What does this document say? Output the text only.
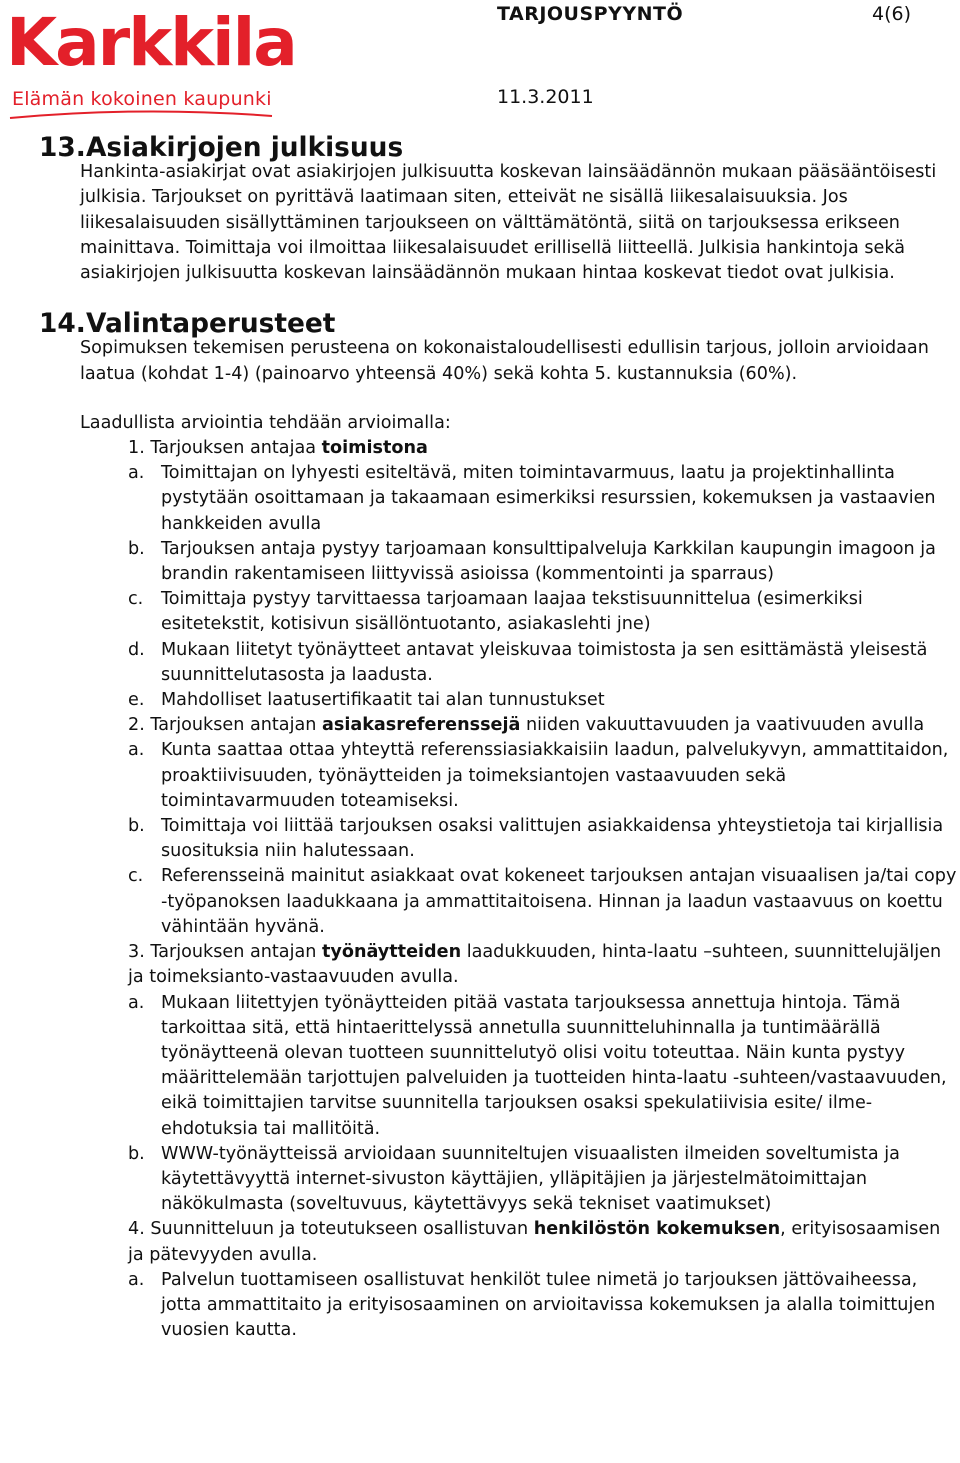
Karkkila
Elämän kokoinen kaupunki
TARJOUSPYYNTÖ	4(6)
11.3.2011
13.Asiakirjojen julkisuus

Hankinta-asiakirjat ovat asiakirjojen julkisuutta koskevan lainsäädännön mukaan pääsääntöisesti julkisia. Tarjoukset on pyrittävä laatimaan siten, etteivät ne sisällä liikesalaisuuksia. Jos liikesalaisuuden sisällyttäminen tarjoukseen on välttämätöntä, siitä on tarjouksessa erikseen mainittava. Toimittaja voi ilmoittaa liikesalaisuudet erillisellä liitteellä. Julkisia hankintoja sekä asiakirjojen julkisuutta koskevan lainsäädännön mukaan hintaa koskevat tiedot ovat julkisia.

14.Valintaperusteet

Sopimuksen tekemisen perusteena on kokonaistaloudellisesti edullisin tarjous, jolloin arvioidaan laatua (kohdat 1-4) (painoarvo yhteensä 40%) sekä kohta 5. kustannuksia (60%).

Laadullista arviointia tehdään arvioimalla:

1. Tarjouksen antajaa toimistona

a. Toimittajan on lyhyesti esiteltävä, miten toimintavarmuus, laatu ja projektinhallinta pystytään osoittamaan ja takaamaan esimerkiksi resurssien, kokemuksen ja vastaavien hankkeiden avulla
b. Tarjouksen antaja pystyy tarjoamaan konsulttipalveluja Karkkilan kaupungin imagoon ja brandin rakentamiseen liittyvissä asioissa (kommentointi ja sparraus)
c. Toimittaja pystyy tarvittaessa tarjoamaan laajaa tekstisuunnittelua (esimerkiksi esitetekstit, kotisivun sisällöntuotanto, asiakaslehti jne)
d. Mukaan liitetyt työnäytteet antavat yleiskuvaa toimistosta ja sen esittämästä yleisestä suunnittelutasosta ja laadusta.
e. Mahdolliset laatusertifikaatit tai alan tunnustukset

2. Tarjouksen antajan asiakasreferenssejä niiden vakuuttavuuden ja vaativuuden avulla

a. Kunta saattaa ottaa yhteyttä referenssiasiakkaisiin laadun, palvelukyvyn, ammattitaidon, proaktiivisuuden, työnäytteiden ja toimeksiantojen vastaavuuden sekä toimintavarmuuden toteamiseksi.
b. Toimittaja voi liittää tarjouksen osaksi valittujen asiakkaidensa yhteystietoja tai kirjallisia suosituksia niin halutessaan.
c. Referensseinä mainitut asiakkaat ovat kokeneet tarjouksen antajan visuaalisen ja/tai copy -työpanoksen laadukkaana ja ammattitaitoisena. Hinnan ja laadun vastaavuus on koettu vähintään hyvänä.

3. Tarjouksen antajan työnäytteiden laadukkuuden, hinta-laatu –suhteen, suunnittelujäljen ja toimeksianto-vastaavuuden avulla.

a. Mukaan liitettyjen työnäytteiden pitää vastata tarjouksessa annettuja hintoja. Tämä tarkoittaa sitä, että hintaerittelyssä annetulla suunnitteluhinnalla ja tuntimäärällä työnäytteenä olevan tuotteen suunnittelutyö olisi voitu toteuttaa. Näin kunta pystyy määrittelemään tarjottujen palveluiden ja tuotteiden hinta-laatu -suhteen/vastaavuuden, eikä toimittajien tarvitse suunnitella tarjouksen osaksi spekulatiivisia esite/ ilme-ehdotuksia tai mallitöitä.
b. WWW-työnäytteissä arvioidaan suunniteltujen visuaalisten ilmeiden soveltumista ja käytettävyyttä internet-sivuston käyttäjien, ylläpitäjien ja järjestelmätoimittajan näkökulmasta (soveltuvuus, käytettävyys sekä tekniset vaatimukset)

4. Suunnitteluun ja toteutukseen osallistuvan henkilöstön kokemuksen, erityisosaamisen ja pätevyyden avulla.

a. Palvelun tuottamiseen osallistuvat henkilöt tulee nimetä jo tarjouksen jättövaiheessa, jotta ammattitaito ja erityisosaaminen on arvioitavissa kokemuksen ja alalla toimittujen vuosien kautta.
